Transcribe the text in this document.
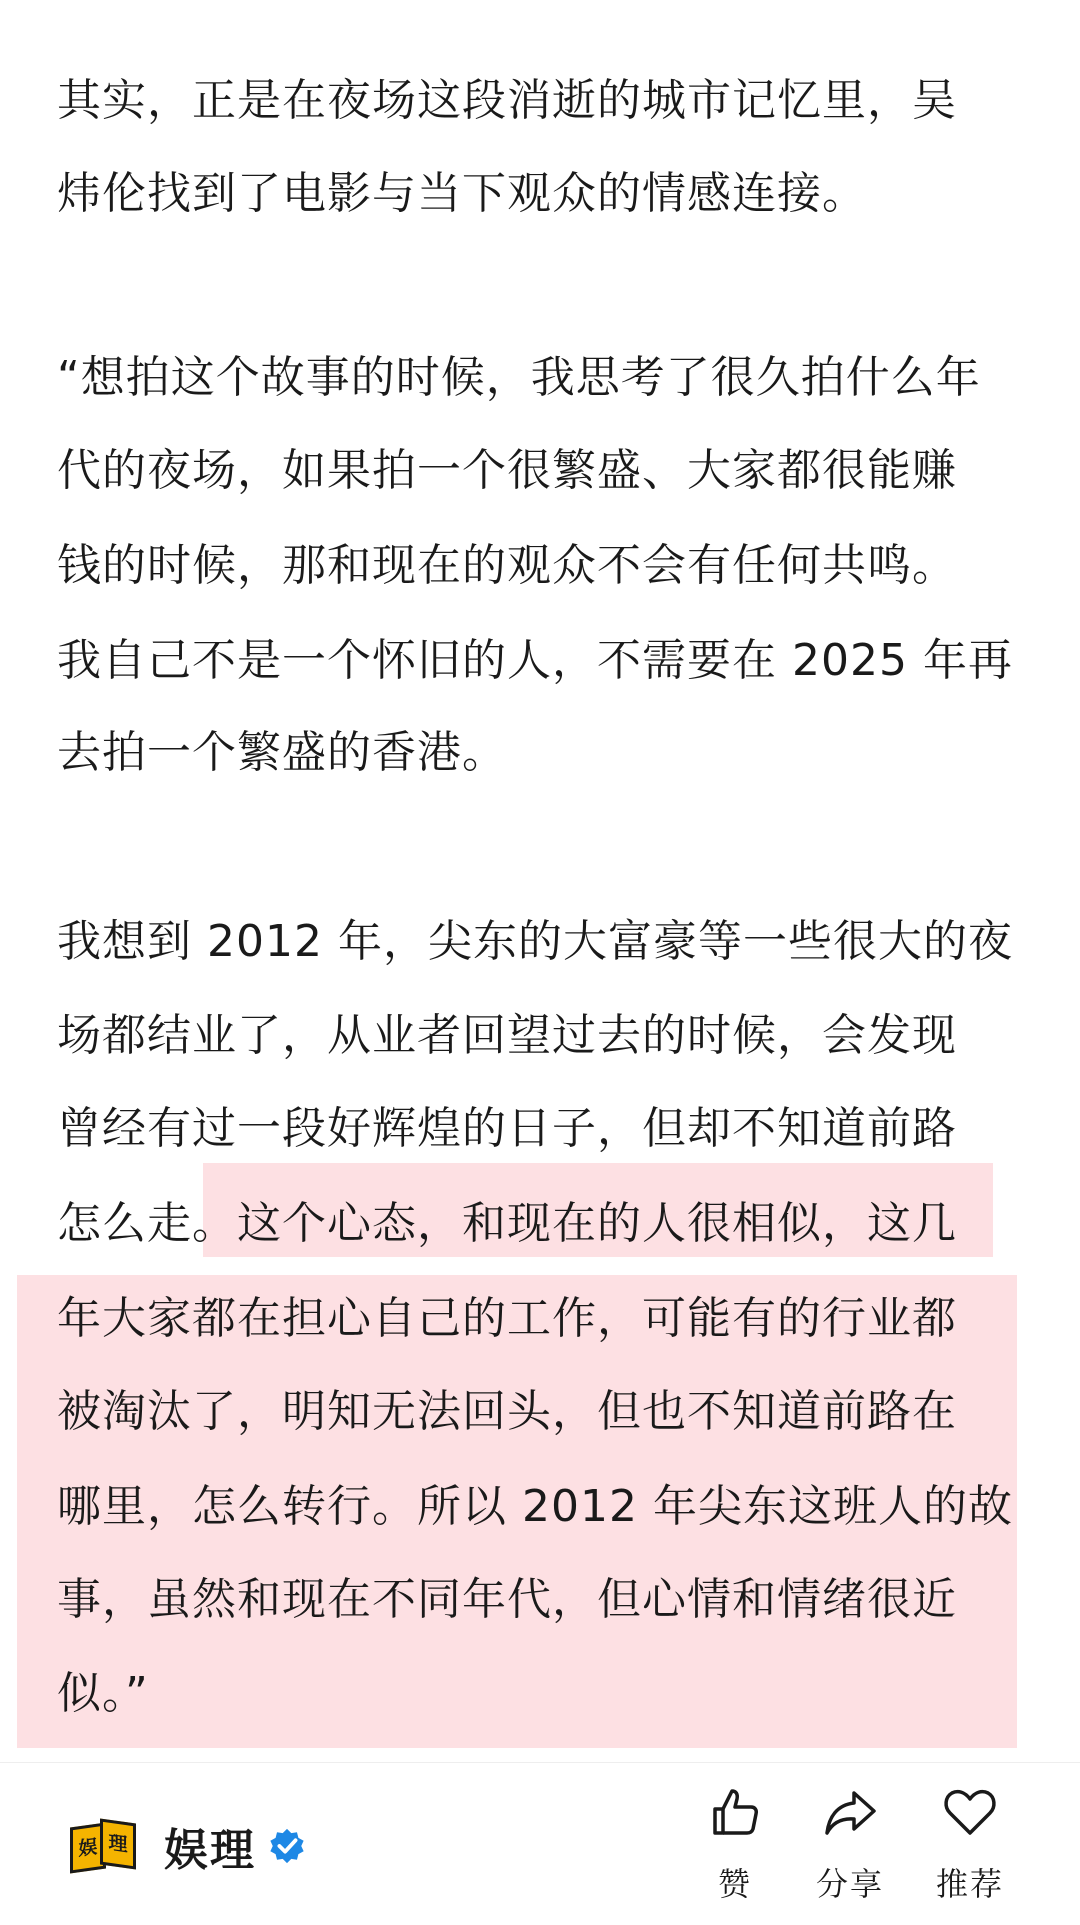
其实，正是在夜场这段消逝的城市记忆里，吴
炜伦找到了电影与当下观众的情感连接。
“想拍这个故事的时候，我思考了很久拍什么年
代的夜场，如果拍一个很繁盛、大家都很能赚
钱的时候，那和现在的观众不会有任何共鸣。
我自己不是一个怀旧的人，不需要在 2025 年再
去拍一个繁盛的香港。
我想到 2012 年，尖东的大富豪等一些很大的夜
场都结业了，从业者回望过去的时候，会发现
曾经有过一段好辉煌的日子，但却不知道前路
怎么走。这个心态，和现在的人很相似，这几
年大家都在担心自己的工作，可能有的行业都
被淘汰了，明知无法回头，但也不知道前路在
哪里，怎么转行。所以 2012 年尖东这班人的故
事，虽然和现在不同年代，但心情和情绪很近
似。”
娱 理 娱理
赞	分享	推荐
